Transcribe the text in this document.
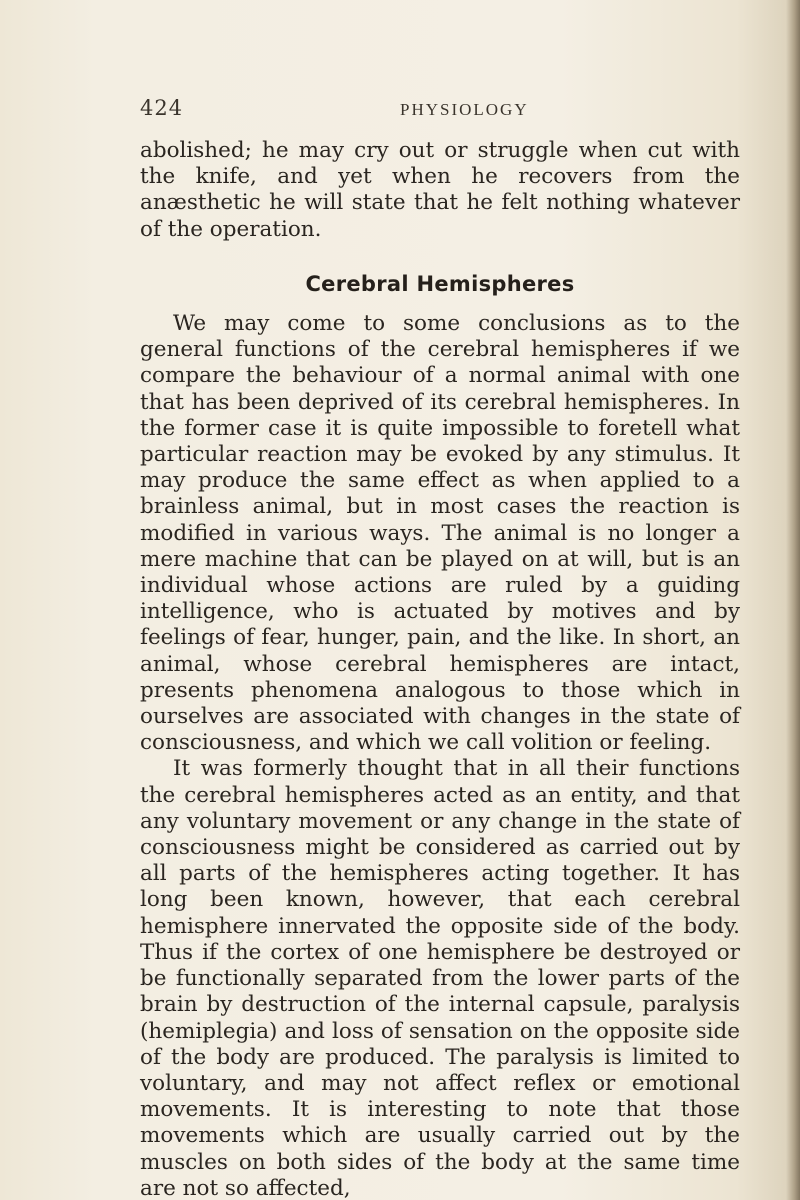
424	PHYSIOLOGY

abolished; he may cry out or struggle when cut with the knife, and yet when he recovers from the anæsthetic he will state that he felt nothing whatever of the operation.

Cerebral Hemispheres

We may come to some conclusions as to the general functions of the cerebral hemispheres if we compare the behaviour of a normal animal with one that has been deprived of its cerebral hemispheres. In the former case it is quite impossible to foretell what particular reaction may be evoked by any stimulus. It may produce the same effect as when applied to a brainless animal, but in most cases the reaction is modified in various ways. The animal is no longer a mere machine that can be played on at will, but is an individual whose actions are ruled by a guiding intelligence, who is actuated by motives and by feelings of fear, hunger, pain, and the like. In short, an animal, whose cerebral hemispheres are intact, presents phenomena analogous to those which in ourselves are associated with changes in the state of consciousness, and which we call volition or feeling.

It was formerly thought that in all their functions the cerebral hemispheres acted as an entity, and that any voluntary movement or any change in the state of consciousness might be considered as carried out by all parts of the hemispheres acting together. It has long been known, however, that each cerebral hemisphere innervated the opposite side of the body. Thus if the cortex of one hemisphere be destroyed or be functionally separated from the lower parts of the brain by destruction of the internal capsule, paralysis (hemiplegia) and loss of sensation on the opposite side of the body are produced. The paralysis is limited to voluntary, and may not affect reflex or emotional movements. It is interesting to note that those movements which are usually carried out by the muscles on both sides of the body at the same time are not so affected,
